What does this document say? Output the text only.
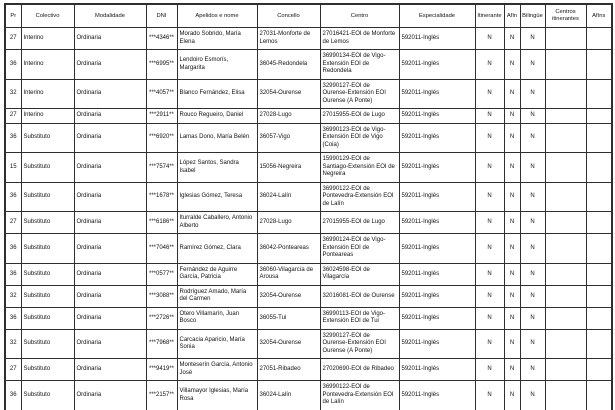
Pr	Colectivo	Modalidade	DNI	Apelidos e nome	Concello	Centro	Especialidade	Itinerante	Afín	Bilingüe	Centros itinerantes	Afíns
27	Interino	Ordinaria	***4346**	Morado Sobrido, María Elena	27031-Monforte de Lemos	27016421-EOI de Monforte de Lemos	592011-Inglés	N	N	N		
36	Interino	Ordinaria	***6995**	Lendoiro Esmorís, Margarita	36045-Redondela	36990134-EOI de Vigo-Extensión EOI de Redondela	592011-Inglés	N	N	N		
32	Interino	Ordinaria	***4057**	Blanco Fernández, Elisa	32054-Ourense	32990127-EOI de Ourense-Extensión EOI Ourense (A Ponte)	592011-Inglés	N	N	N		
27	Interino	Ordinaria	***2911**	Rouco Regueiro, Daniel	27028-Lugo	27015955-EOI de Lugo	592011-Inglés	N	N	N		
36	Substituto	Ordinaria	***6920**	Lamas Dono, María Belén	36057-Vigo	36990123-EOI de Vigo-Extensión EOI de Vigo (Coia)	592011-Inglés	N	N	N		
15	Substituto	Ordinaria	***7574**	López Santos, Sandra Isabel	15056-Negreira	15990129-EOI de Santiago-Extensión EOI de Negreira	592011-Inglés	N	N	N		
36	Substituto	Ordinaria	***1678**	Iglesias Gómez, Teresa	36024-Lalín	36990122-EOI de Pontevedra-Extensión EOI de Lalín	592011-Inglés	N	N	N		
27	Substituto	Ordinaria	***6186**	Iturralde Caballero, Antonio Alberto	27028-Lugo	27015955-EOI de Lugo	592011-Inglés	N	N	N		
36	Substituto	Ordinaria	***7046**	Ramírez Gómez, Clara	36042-Ponteareas	36990124-EOI de Vigo-Extensión EOI de Ponteareas	592011-Inglés	N	N	N		
36	Substituto	Ordinaria	***0577**	Fernández de Aguirre García, Patricia	36060-Vilagarcía de Arousa	36024598-EOI de Vilagarcía	592011-Inglés	N	N	N		
32	Substituto	Ordinaria	***3088**	Rodríguez Amado, María del Carmen	32054-Ourense	32016081-EOI de Ourense	592011-Inglés	N	N	N		
36	Substituto	Ordinaria	***2726**	Otero Villamarín, Juan Bosco	36055-Tui	36990113-EOI de Vigo-Extensión EOI de Tui	592011-Inglés	N	N	N		
32	Substituto	Ordinaria	***7968**	Carcacia Aparicio, María Sonia	32054-Ourense	32990127-EOI de Ourense-Extensión EOI Ourense (A Ponte)	592011-Inglés	N	N	N		
27	Substituto	Ordinaria	***9419**	Monteserín García, Antonio José	27051-Ribadeo	27020690-EOI de Ribadeo	592011-Inglés	N	N	N		
36	Substituto	Ordinaria	***2157**	Villamayor Iglesias, María Rosa	36024-Lalín	36990122-EOI de Pontevedra-Extensión EOI de Lalín	592011-Inglés	N	N	N		
